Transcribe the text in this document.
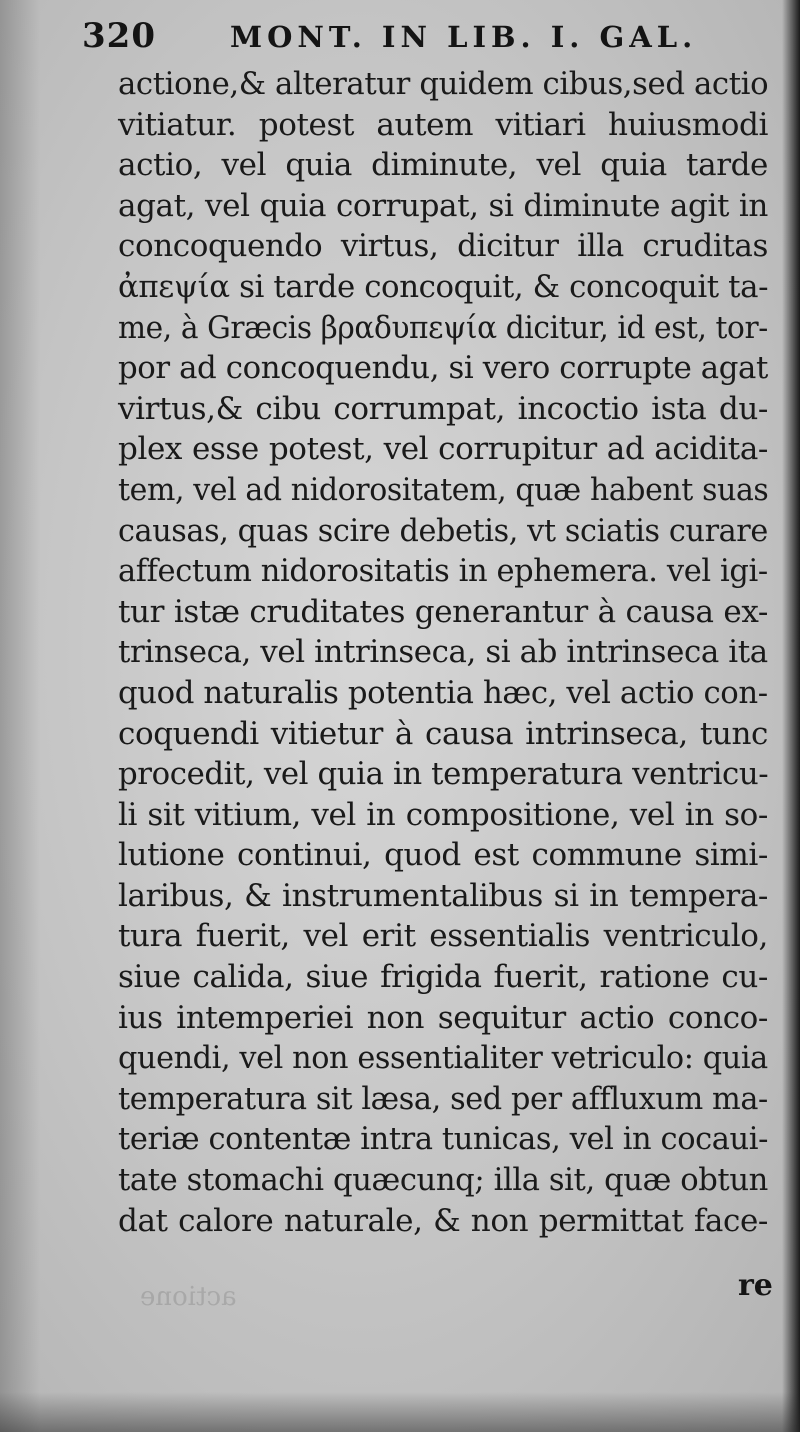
320	MONT. IN LIB. I. GAL.
actione
actione,& alteratur quidem cibus,sed actio
vitiatur. potest autem vitiari huiusmodi
actio, vel quia diminute, vel quia tarde
agat, vel quia corrupat, si diminute agit in
concoquendo virtus, dicitur illa cruditas
ἀπεψία si tarde concoquit, & concoquit ta-
me, à Græcis βραδυπεψία dicitur, id est, tor-
por ad concoquendu, si vero corrupte agat
virtus,& cibu corrumpat, incoctio ista du-
plex esse potest, vel corrupitur ad acidita-
tem, vel ad nidorositatem, quæ habent suas
causas, quas scire debetis, vt sciatis curare
affectum nidorositatis in ephemera. vel igi-
tur istæ cruditates generantur à causa ex-
trinseca, vel intrinseca, si ab intrinseca ita
quod naturalis potentia hæc, vel actio con-
coquendi vitietur à causa intrinseca, tunc
procedit, vel quia in temperatura ventricu-
li sit vitium, vel in compositione, vel in so-
lutione continui, quod est commune simi-
laribus, & instrumentalibus si in tempera-
tura fuerit, vel erit essentialis ventriculo,
siue calida, siue frigida fuerit, ratione cu-
ius intemperiei non sequitur actio conco-
quendi, vel non essentialiter vetriculo: quia
temperatura sit læsa, sed per affluxum ma-
teriæ contentæ intra tunicas, vel in cocaui-
tate stomachi quæcunq; illa sit, quæ obtun
dat calore naturale, & non permittat face-
re
